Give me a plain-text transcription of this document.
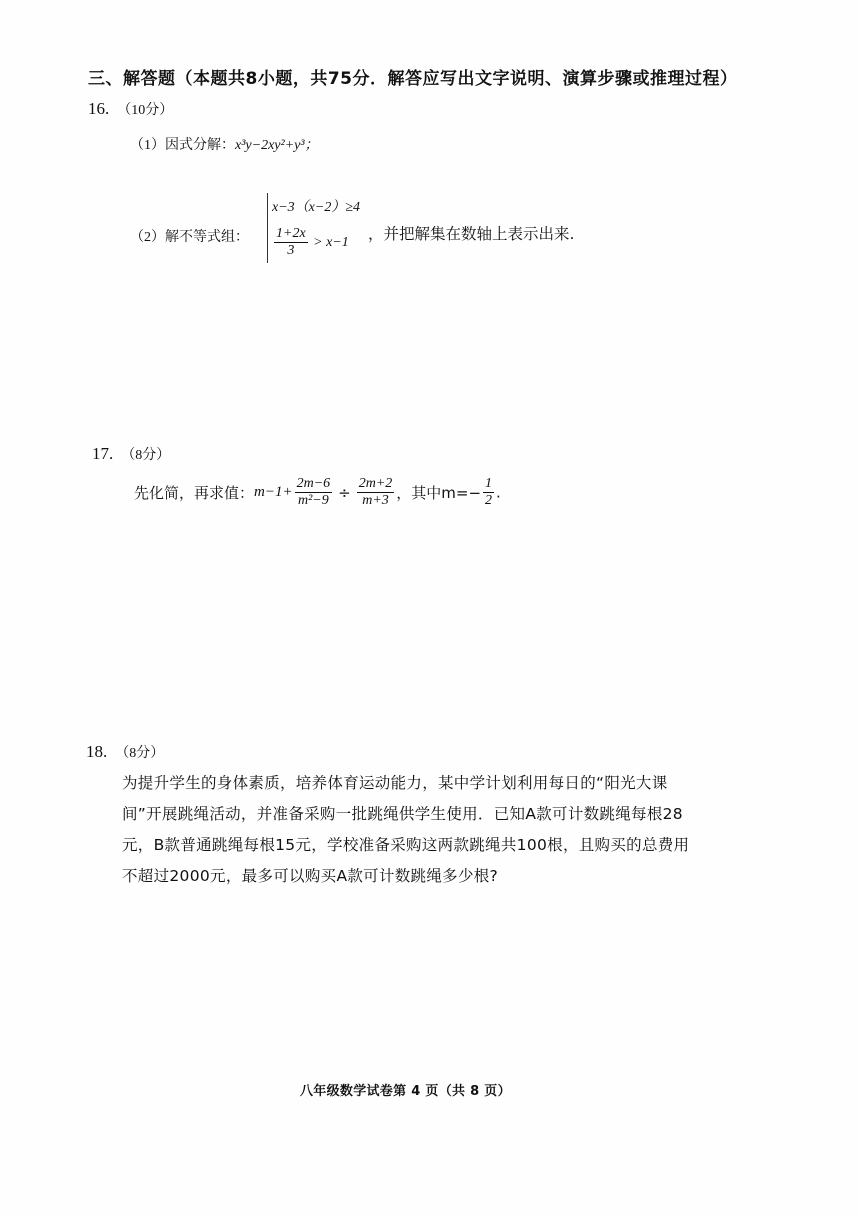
三、解答题（本题共8小题，共75分．解答应写出文字说明、演算步骤或推理过程）
16. （10分）
（1）因式分解：x³y−2xy²+y³；
（2）解不等式组：
x−3（x−2）≥4
$\frac{1+2x}{3} > x-1$ ，并把解集在数轴上表示出来.
17. （8分）
先化简，再求值：$m-1+ \frac{2m-6}{\text{m²−9}} \div \frac{2m+2}{m+3}$ ，其中$m=- \frac{1}{2}$ .
18. （8分）
为提升学生的身体素质，培养体育运动能力，某中学计划利用每日的“阳光大课
间”开展跳绳活动，并准备采购一批跳绳供学生使用．已知A款可计数跳绳每根28
元，B款普通跳绳每根15元，学校准备采购这两款跳绳共100根，且购买的总费用
不超过2000元，最多可以购买A款可计数跳绳多少根?
八年级数学试卷第 4 页（共 8 页）
